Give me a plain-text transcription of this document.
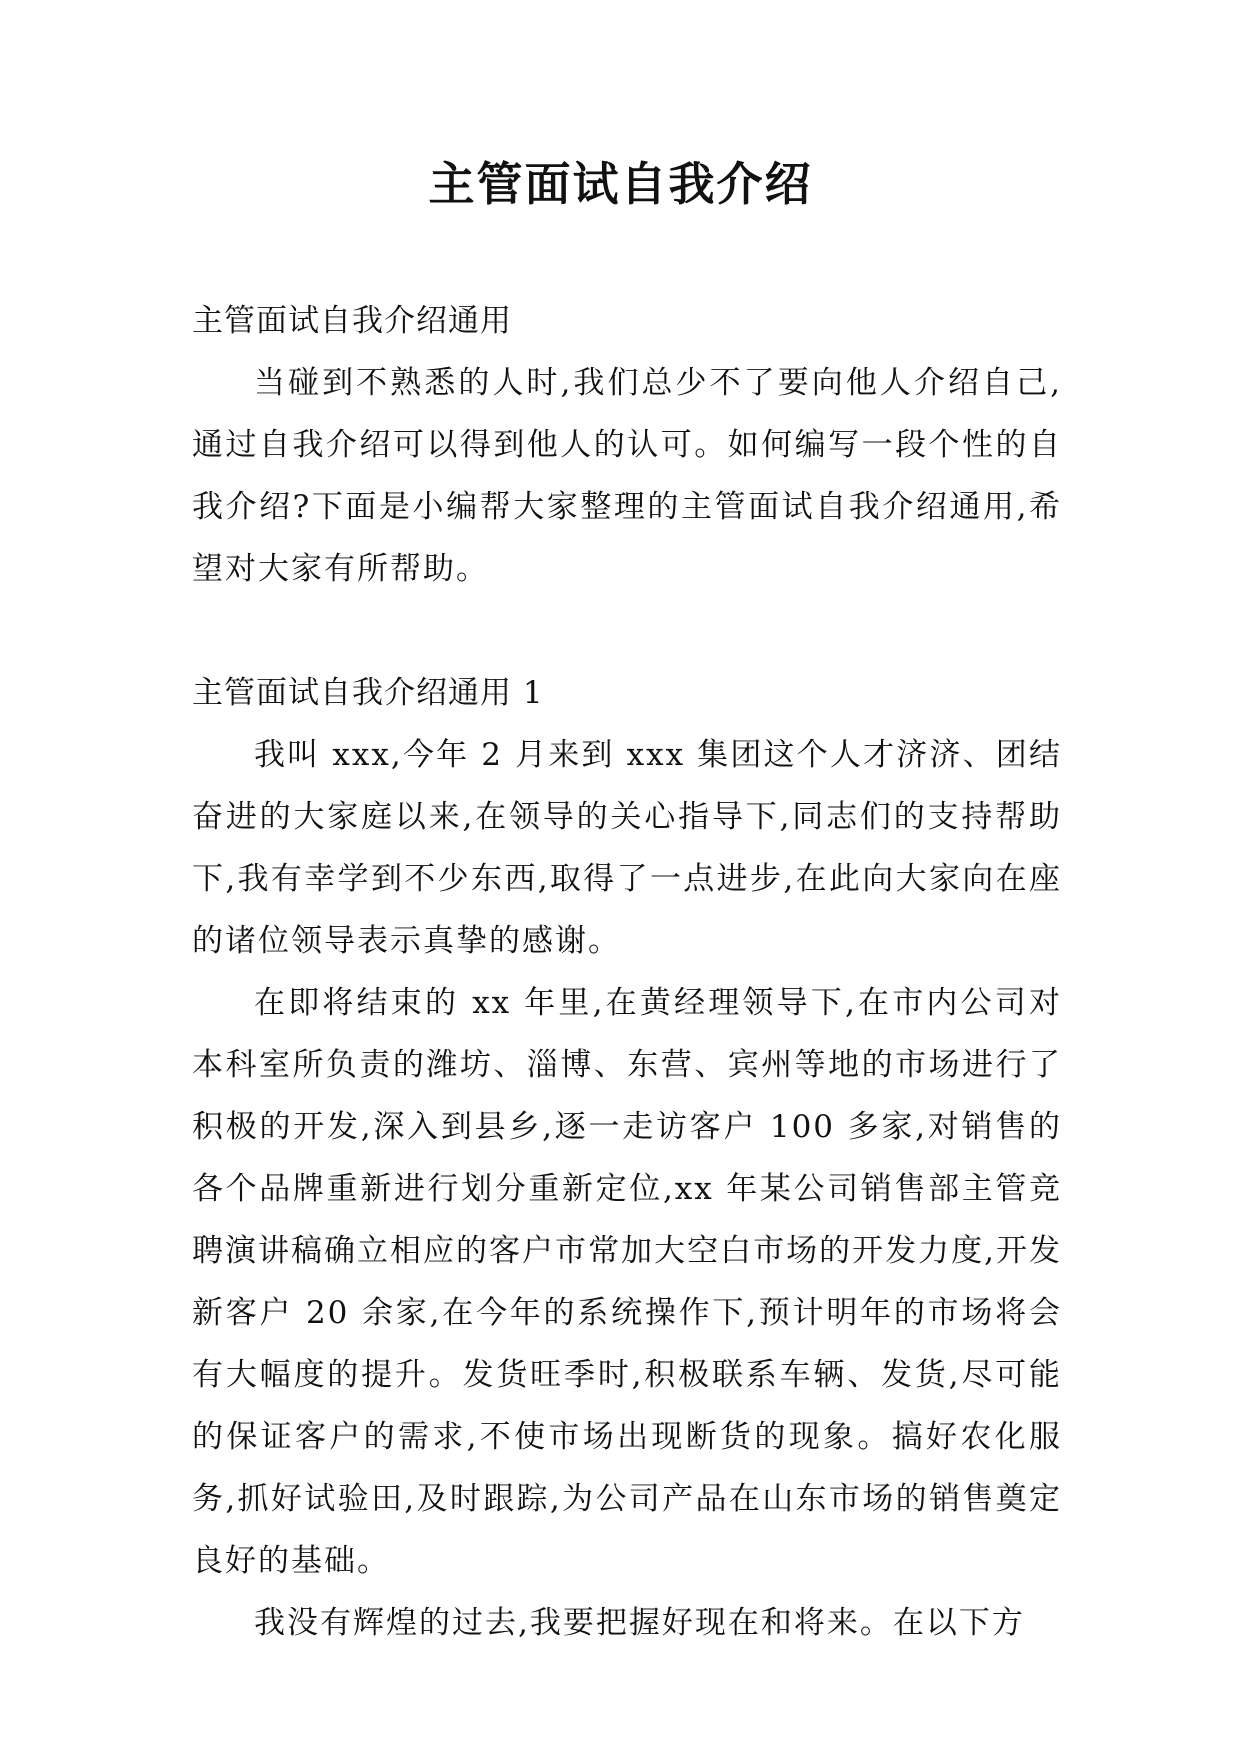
主管面试自我介绍

主管面试自我介绍通用

当碰到不熟悉的人时,我们总少不了要向他人介绍自己,通过自我介绍可以得到他人的认可。如何编写一段个性的自我介绍?下面是小编帮大家整理的主管面试自我介绍通用,希望对大家有所帮助。

主管面试自我介绍通用 1

我叫 xxx,今年 2 月来到 xxx 集团这个人才济济、团结奋进的大家庭以来,在领导的关心指导下,同志们的支持帮助下,我有幸学到不少东西,取得了一点进步,在此向大家向在座的诸位领导表示真挚的感谢。

在即将结束的 xx 年里,在黄经理领导下,在市内公司对本科室所负责的潍坊、淄博、东营、宾州等地的市场进行了积极的开发,深入到县乡,逐一走访客户 100 多家,对销售的各个品牌重新进行划分重新定位,xx 年某公司销售部主管竞聘演讲稿确立相应的客户市常加大空白市场的开发力度,开发新客户 20 余家,在今年的系统操作下,预计明年的市场将会有大幅度的提升。发货旺季时,积极联系车辆、发货,尽可能的保证客户的需求,不使市场出现断货的现象。搞好农化服务,抓好试验田,及时跟踪,为公司产品在山东市场的销售奠定良好的基础。

我没有辉煌的过去,我要把握好现在和将来。在以下方
